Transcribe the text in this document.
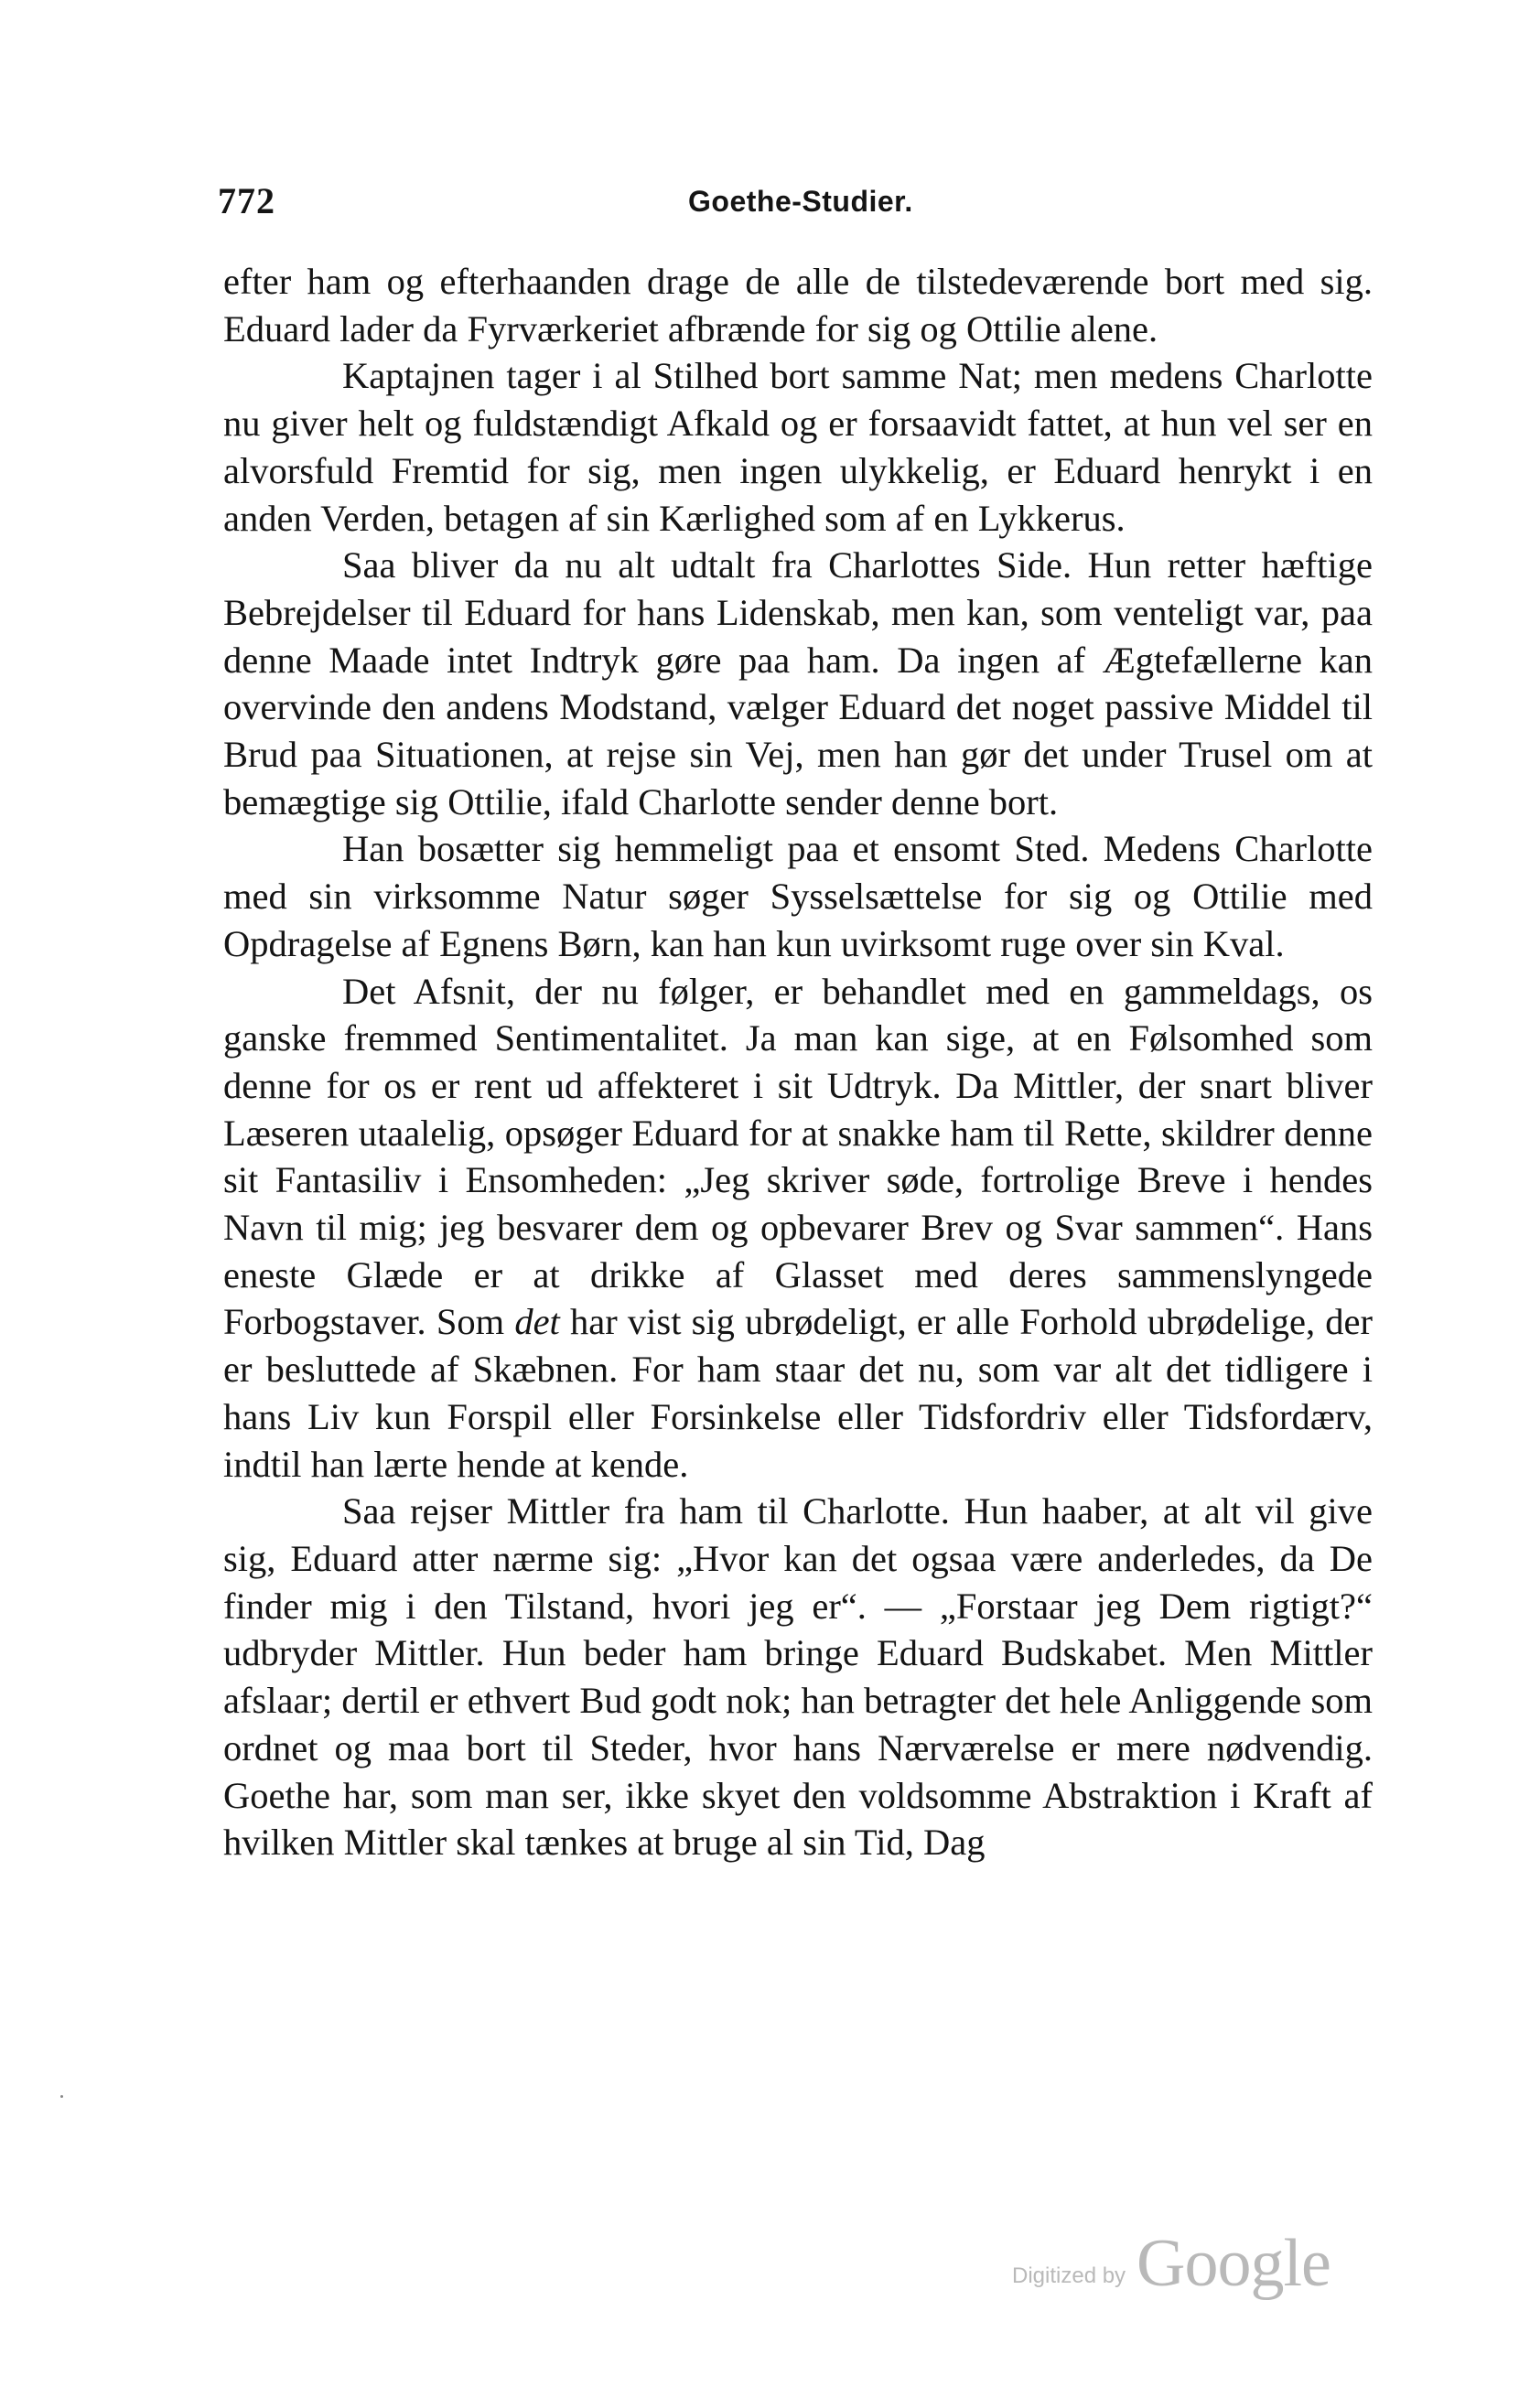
772	Goethe-Studier.

efter ham og efterhaanden drage de alle de tilstedeværende bort med sig. Eduard lader da Fyrværkeriet afbrænde for sig og Ottilie alene.

Kaptajnen tager i al Stilhed bort samme Nat; men medens Charlotte nu giver helt og fuldstændigt Afkald og er forsaavidt fattet, at hun vel ser en alvorsfuld Fremtid for sig, men ingen ulykkelig, er Eduard henrykt i en anden Verden, betagen af sin Kærlighed som af en Lykkerus.

Saa bliver da nu alt udtalt fra Charlottes Side. Hun retter hæftige Bebrejdelser til Eduard for hans Lidenskab, men kan, som venteligt var, paa denne Maade intet Indtryk gøre paa ham. Da ingen af Ægtefællerne kan overvinde den andens Modstand, vælger Eduard det noget passive Middel til Brud paa Situationen, at rejse sin Vej, men han gør det under Trusel om at bemægtige sig Ottilie, ifald Charlotte sender denne bort.

Han bosætter sig hemmeligt paa et ensomt Sted. Medens Charlotte med sin virksomme Natur søger Sysselsættelse for sig og Ottilie med Opdragelse af Egnens Børn, kan han kun uvirksomt ruge over sin Kval.

Det Afsnit, der nu følger, er behandlet med en gammeldags, os ganske fremmed Sentimentalitet. Ja man kan sige, at en Følsomhed som denne for os er rent ud affekteret i sit Udtryk. Da Mittler, der snart bliver Læseren utaalelig, opsøger Eduard for at snakke ham til Rette, skildrer denne sit Fantasiliv i Ensomheden: „Jeg skriver søde, fortrolige Breve i hendes Navn til mig; jeg besvarer dem og opbevarer Brev og Svar sammen“. Hans eneste Glæde er at drikke af Glasset med deres sammenslyngede Forbogstaver. Som det har vist sig ubrødeligt, er alle Forhold ubrødelige, der er besluttede af Skæbnen. For ham staar det nu, som var alt det tidligere i hans Liv kun Forspil eller Forsinkelse eller Tidsfordriv eller Tidsfordærv, indtil han lærte hende at kende.

Saa rejser Mittler fra ham til Charlotte. Hun haaber, at alt vil give sig, Eduard atter nærme sig: „Hvor kan det ogsaa være anderledes, da De finder mig i den Tilstand, hvori jeg er“. — „Forstaar jeg Dem rigtigt?“ udbryder Mittler. Hun beder ham bringe Eduard Budskabet. Men Mittler afslaar; dertil er ethvert Bud godt nok; han betragter det hele Anliggende som ordnet og maa bort til Steder, hvor hans Nærværelse er mere nødvendig. Goethe har, som man ser, ikke skyet den voldsomme Abstraktion i Kraft af hvilken Mittler skal tænkes at bruge al sin Tid, Dag

Digitized by Google
